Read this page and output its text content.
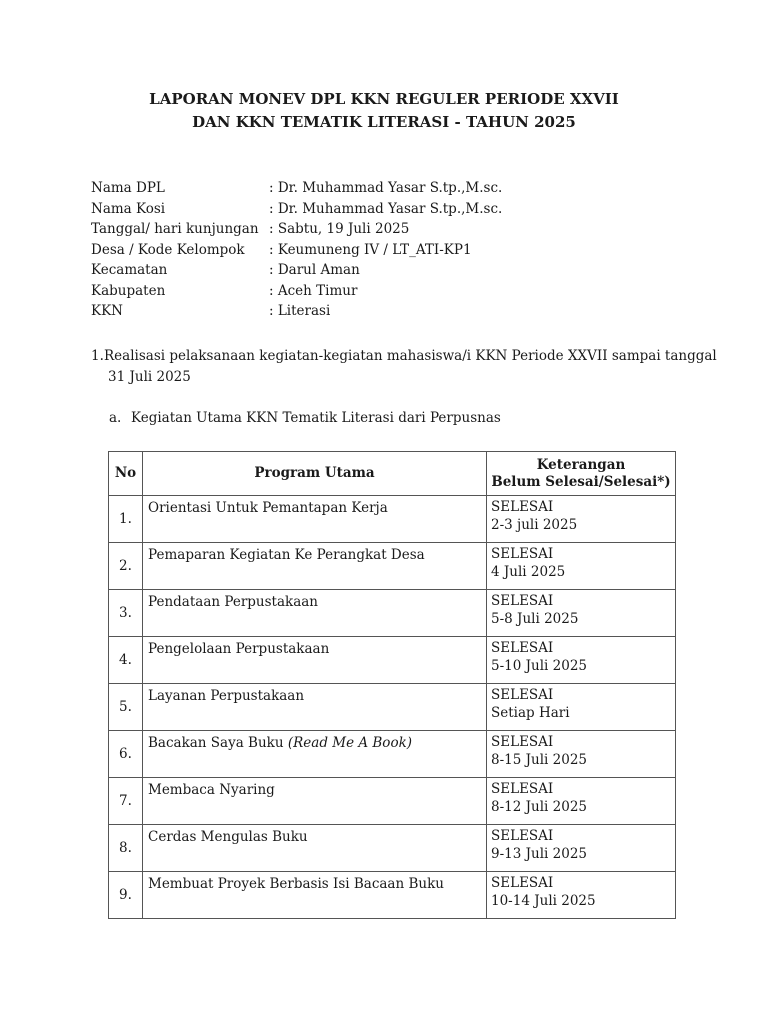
LAPORAN MONEV DPL KKN REGULER PERIODE XXVII
DAN KKN TEMATIK LITERASI - TAHUN 2025
Nama DPL	: Dr. Muhammad Yasar S.tp.,M.sc.
Nama Kosi	: Dr. Muhammad Yasar S.tp.,M.sc.
Tanggal/ hari kunjungan : Sabtu, 19 Juli 2025
Desa / Kode Kelompok : Keumuneng IV / LT_ATI-KP1
Kecamatan	: Darul Aman
Kabupaten	: Aceh Timur
KKN	: Literasi
1. Realisasi pelaksanaan kegiatan-kegiatan mahasiswa/i KKN Periode XXVII sampai tanggal
31 Juli 2025
a. Kegiatan Utama KKN Tematik Literasi dari Perpusnas
No	Program Utama	Keterangan
Belum Selesai/Selesai*)

1.	Orientasi Untuk Pemantapan Kerja	SELESAI
2-3 juli 2025

2.	Pemaparan Kegiatan Ke Perangkat Desa	SELESAI
4 Juli 2025

3.	Pendataan Perpustakaan	SELESAI
5-8 Juli 2025

4.	Pengelolaan Perpustakaan	SELESAI
5-10 Juli 2025

5.	Layanan Perpustakaan	SELESAI
Setiap Hari

6.	Bacakan Saya Buku (Read Me A Book)	SELESAI
8-15 Juli 2025

7.	Membaca Nyaring	SELESAI
8-12 Juli 2025

8.	Cerdas Mengulas Buku	SELESAI
9-13 Juli 2025

9.	Membuat Proyek Berbasis Isi Bacaan Buku	SELESAI
10-14 Juli 2025
